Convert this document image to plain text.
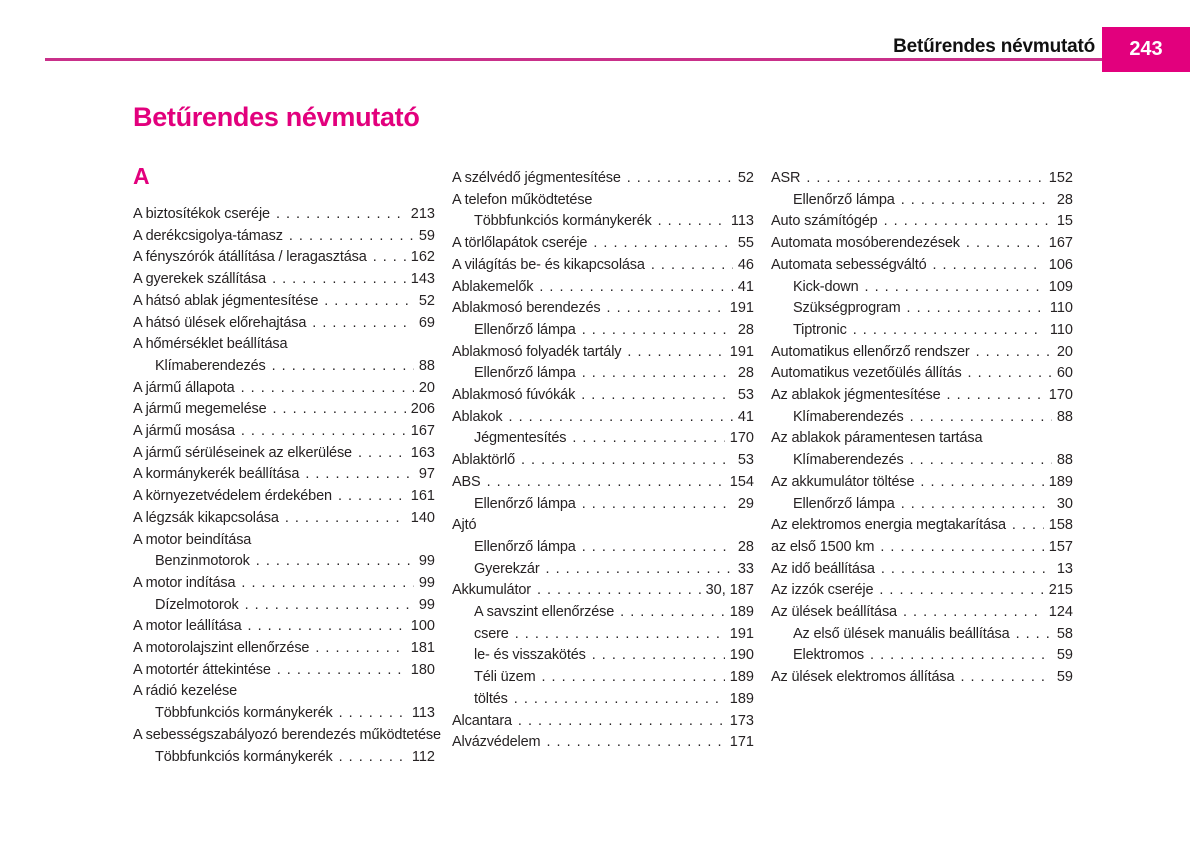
Betűrendes névmutató	243
Betűrendes névmutató
A
A biztosítékok cseréje . . .	213
A derékcsigolya-támasz . . .	59
A fényszórók átállítása / leragasztása . . .	162
A gyerekek szállítása . . .	143
A hátsó ablak jégmentesítése . . .	52
A hátsó ülések előrehajtása . . .	69
A hőmérséklet beállítása
Klímaberendezés . . .	88
A jármű állapota . . .	20
A jármű megemelése . . .	206
A jármű mosása . . .	167
A jármű sérüléseinek az elkerülése . . .	163
A kormánykerék beállítása . . .	97
A környezetvédelem érdekében . . .	161
A légzsák kikapcsolása . . .	140
A motor beindítása
Benzinmotorok . . .	99
A motor indítása . . .	99
Dízelmotorok . . .	99
A motor leállítása . . .	100
A motorolajszint ellenőrzése . . .	181
A motortér áttekintése . . .	180
A rádió kezelése
Többfunkciós kormánykerék . . .	113
A sebességszabályozó berendezés működtetése
Többfunkciós kormánykerék . . .	112
A szélvédő jégmentesítése . . .	52
A telefon működtetése
Többfunkciós kormánykerék . . .	113
A törlőlapátok cseréje . . .	55
A világítás be- és kikapcsolása . . .	46
Ablakemelők . . .	41
Ablakmosó berendezés . . .	191
Ellenőrző lámpa . . .	28
Ablakmosó folyadék tartály . . .	191
Ellenőrző lámpa . . .	28
Ablakmosó fúvókák . . .	53
Ablakok . . .	41
Jégmentesítés . . .	170
Ablaktörlő . . .	53
ABS . . .	154
Ellenőrző lámpa . . .	29
Ajtó
Ellenőrző lámpa . . .	28
Gyerekzár . . .	33
Akkumulátor . . .	30, 187
A savszint ellenőrzése . . .	189
csere . . .	191
le- és visszakötés . . .	190
Téli üzem . . .	189
töltés . . .	189
Alcantara . . .	173
Alvázvédelem . . .	171
ASR . . .	152
Ellenőrző lámpa . . .	28
Auto számítógép . . .	15
Automata mosóberendezések . . .	167
Automata sebességváltó . . .	106
Kick-down . . .	109
Szükségprogram . . .	110
Tiptronic . . .	110
Automatikus ellenőrző rendszer . . .	20
Automatikus vezetőülés állítás . . .	60
Az ablakok jégmentesítése . . .	170
Klímaberendezés . . .	88
Az ablakok páramentesen tartása
Klímaberendezés . . .	88
Az akkumulátor töltése . . .	189
Ellenőrző lámpa . . .	30
Az elektromos energia megtakarítása . . .	158
az első 1500 km . . .	157
Az idő beállítása . . .	13
Az izzók cseréje . . .	215
Az ülések beállítása . . .	124
Az első ülések manuális beállítása . . .	58
Elektromos . . .	59
Az ülések elektromos állítása . . .	59
